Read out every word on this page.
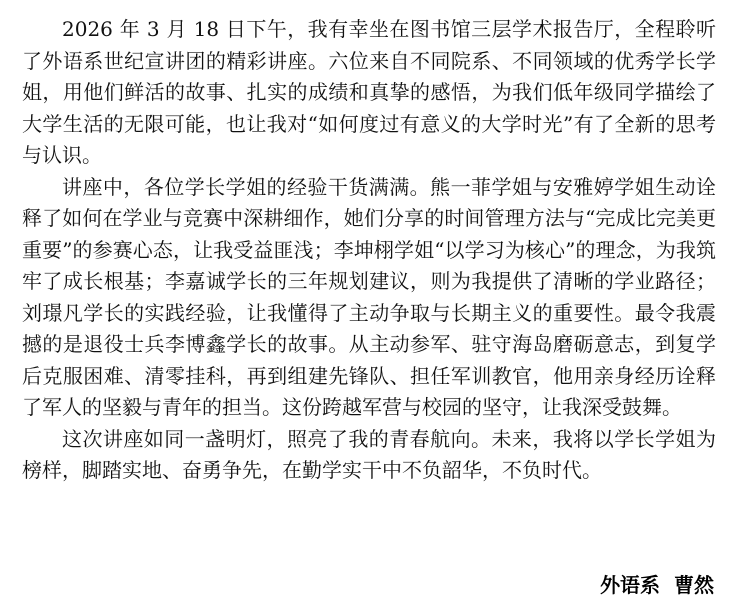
2026 年 3 月 18 日下午，我有幸坐在图书馆三层学术报告厅，全程聆听了外语系世纪宣讲团的精彩讲座。六位来自不同院系、不同领域的优秀学长学姐，用他们鲜活的故事、扎实的成绩和真挚的感悟，为我们低年级同学描绘了大学生活的无限可能，也让我对“如何度过有意义的大学时光”有了全新的思考与认识。

讲座中，各位学长学姐的经验干货满满。熊一菲学姐与安雅婷学姐生动诠释了如何在学业与竞赛中深耕细作，她们分享的时间管理方法与“完成比完美更重要”的参赛心态，让我受益匪浅；李坤栩学姐“以学习为核心”的理念，为我筑牢了成长根基；李嘉诚学长的三年规划建议，则为我提供了清晰的学业路径；刘璟凡学长的实践经验，让我懂得了主动争取与长期主义的重要性。最令我震撼的是退役士兵李博鑫学长的故事。从主动参军、驻守海岛磨砺意志，到复学后克服困难、清零挂科，再到组建先锋队、担任军训教官，他用亲身经历诠释了军人的坚毅与青年的担当。这份跨越军营与校园的坚守，让我深受鼓舞。

这次讲座如同一盏明灯，照亮了我的青春航向。未来，我将以学长学姐为榜样，脚踏实地、奋勇争先，在勤学实干中不负韶华，不负时代。

外语系  曹然
